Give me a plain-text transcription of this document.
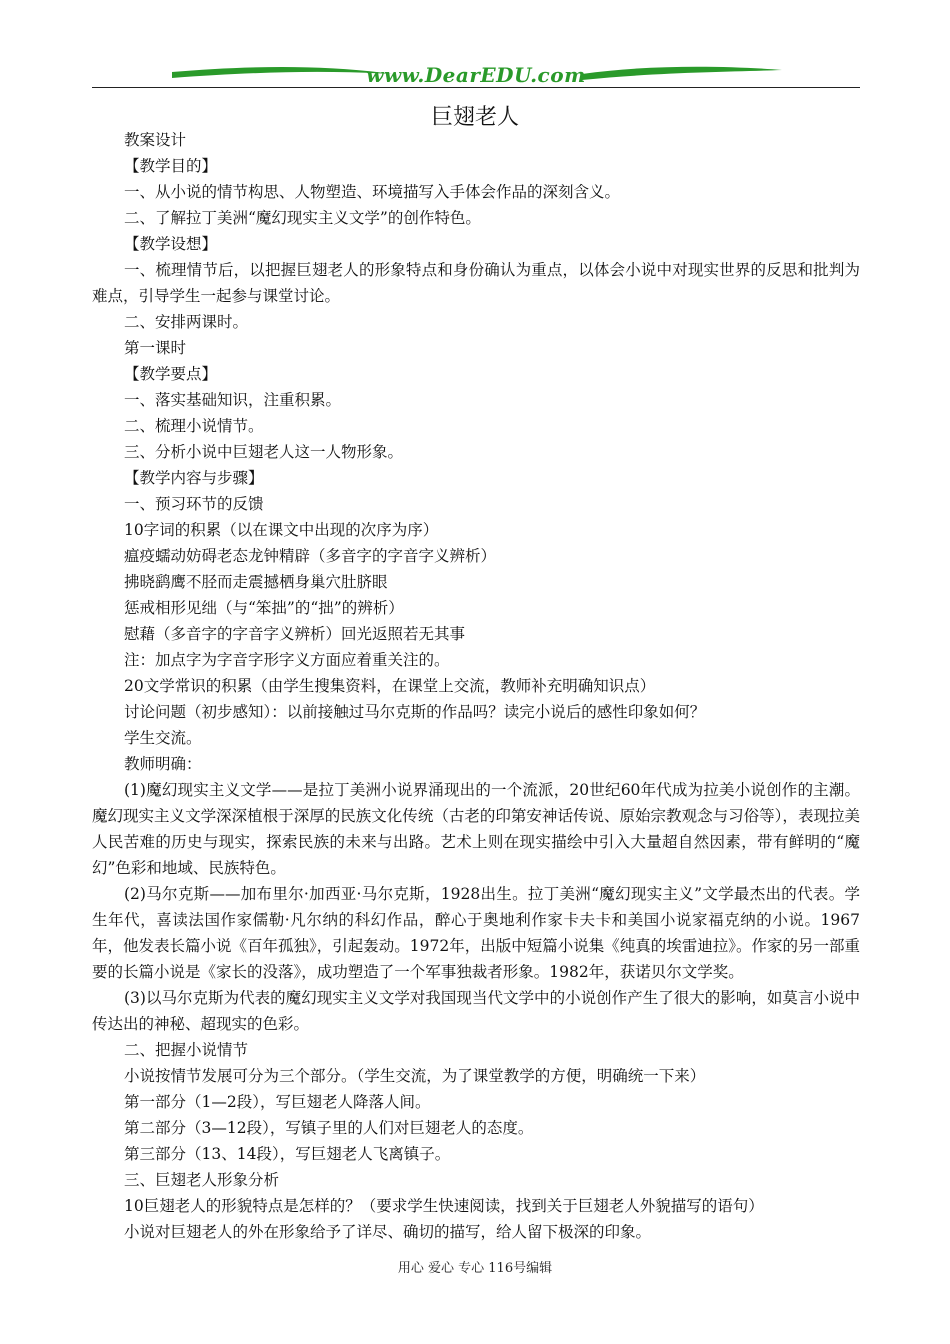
www.DearEDU.com
巨翅老人

教案设计

【教学目的】

一、从小说的情节构思、人物塑造、环境描写入手体会作品的深刻含义。

二、了解拉丁美洲“魔幻现实主义文学”的创作特色。

【教学设想】

一、梳理情节后，以把握巨翅老人的形象特点和身份确认为重点，以体会小说中对现实世界的反思和批判为难点，引导学生一起参与课堂讨论。

二、安排两课时。

第一课时

【教学要点】

一、落实基础知识，注重积累。

二、梳理小说情节。

三、分析小说中巨翅老人这一人物形象。

【教学内容与步骤】

一、预习环节的反馈

10字词的积累（以在课文中出现的次序为序）

瘟疫蠕动妨碍老态龙钟精辟（多音字的字音字义辨析）

拂晓鹞鹰不胫而走震撼栖身巢穴肚脐眼

惩戒相形见绌（与“笨拙”的“拙”的辨析）

慰藉（多音字的字音字义辨析）回光返照若无其事

注：加点字为字音字形字义方面应着重关注的。

20文学常识的积累（由学生搜集资料，在课堂上交流，教师补充明确知识点）

讨论问题（初步感知）：以前接触过马尔克斯的作品吗？读完小说后的感性印象如何？

学生交流。

教师明确：

(1)魔幻现实主义文学——是拉丁美洲小说界涌现出的一个流派，20世纪60年代成为拉美小说创作的主潮。魔幻现实主义文学深深植根于深厚的民族文化传统（古老的印第安神话传说、原始宗教观念与习俗等），表现拉美人民苦难的历史与现实，探索民族的未来与出路。艺术上则在现实描绘中引入大量超自然因素，带有鲜明的“魔幻”色彩和地域、民族特色。

(2)马尔克斯——加布里尔·加西亚·马尔克斯，1928出生。拉丁美洲“魔幻现实主义”文学最杰出的代表。学生年代，喜读法国作家儒勒·凡尔纳的科幻作品，醉心于奥地利作家卡夫卡和美国小说家福克纳的小说。1967年，他发表长篇小说《百年孤独》，引起轰动。1972年，出版中短篇小说集《纯真的埃雷迪拉》。作家的另一部重要的长篇小说是《家长的没落》，成功塑造了一个军事独裁者形象。1982年，获诺贝尔文学奖。

(3)以马尔克斯为代表的魔幻现实主义文学对我国现当代文学中的小说创作产生了很大的影响，如莫言小说中传达出的神秘、超现实的色彩。

二、把握小说情节

小说按情节发展可分为三个部分。（学生交流，为了课堂教学的方便，明确统一下来）

第一部分（1—2段），写巨翅老人降落人间。

第二部分（3—12段），写镇子里的人们对巨翅老人的态度。

第三部分（13、14段），写巨翅老人飞离镇子。

三、巨翅老人形象分析

10巨翅老人的形貌特点是怎样的？（要求学生快速阅读，找到关于巨翅老人外貌描写的语句）

小说对巨翅老人的外在形象给予了详尽、确切的描写，给人留下极深的印象。

用心 爱心 专心 116号编辑
